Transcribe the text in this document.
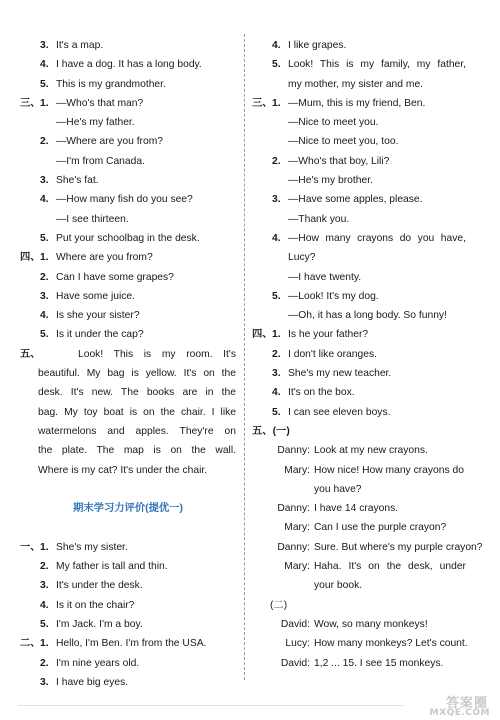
3. It's a map.
4. I have a dog. It has a long body.
5. This is my grandmother.
三、 1. —Who's that man?
—He's my father.
2. —Where are you from?
—I'm from Canada.
3. She's fat.
4. —How many fish do you see?
—I see thirteen.
5. Put your schoolbag in the desk.
四、 1. Where are you from?
2. Can I have some grapes?
3. Have some juice.
4. Is she your sister?
5. Is it under the cap?
五、	Look! This is my room. It's
beautiful. My bag is yellow. It's on the
desk. It's new. The books are in the
bag. My toy boat is on the chair. I like
watermelons and apples. They're on
the plate. The map is on the wall.
Where is my cat? It's under the chair.
期末学习力评价(提优一)
一、 1. She's my sister.
2. My father is tall and thin.
3. It's under the desk.
4. Is it on the chair?
5. I'm Jack. I'm a boy.
二、 1. Hello, I'm Ben. I'm from the USA.
2. I'm nine years old.
3. I have big eyes.
4. I like grapes.
5. Look! This is my family, my father,
my mother, my sister and me.
三、 1. —Mum, this is my friend, Ben.
—Nice to meet you.
—Nice to meet you, too.
2. —Who's that boy, Lili?
—He's my brother.
3. —Have some apples, please.
—Thank you.
4. —How many crayons do you have,
Lucy?
—I have twenty.
5. —Look! It's my dog.
—Oh, it has a long body. So funny!
四、 1. Is he your father?
2. I don't like oranges.
3. She's my new teacher.
4. It's on the box.
5. I can see eleven boys.
五、(一)
Danny: Look at my new crayons.
Mary: How nice! How many crayons do
you have?
Danny: I have 14 crayons.
Mary: Can I use the purple crayon?
Danny: Sure. But where's my purple crayon?
Mary: Haha. It's on the desk, under
your book.
(二)
David: Wow, so many monkeys!
Lucy: How many monkeys? Let's count.
David: 1,2 ... 15. I see 15 monkeys.
答案圈
MXQE.COM
